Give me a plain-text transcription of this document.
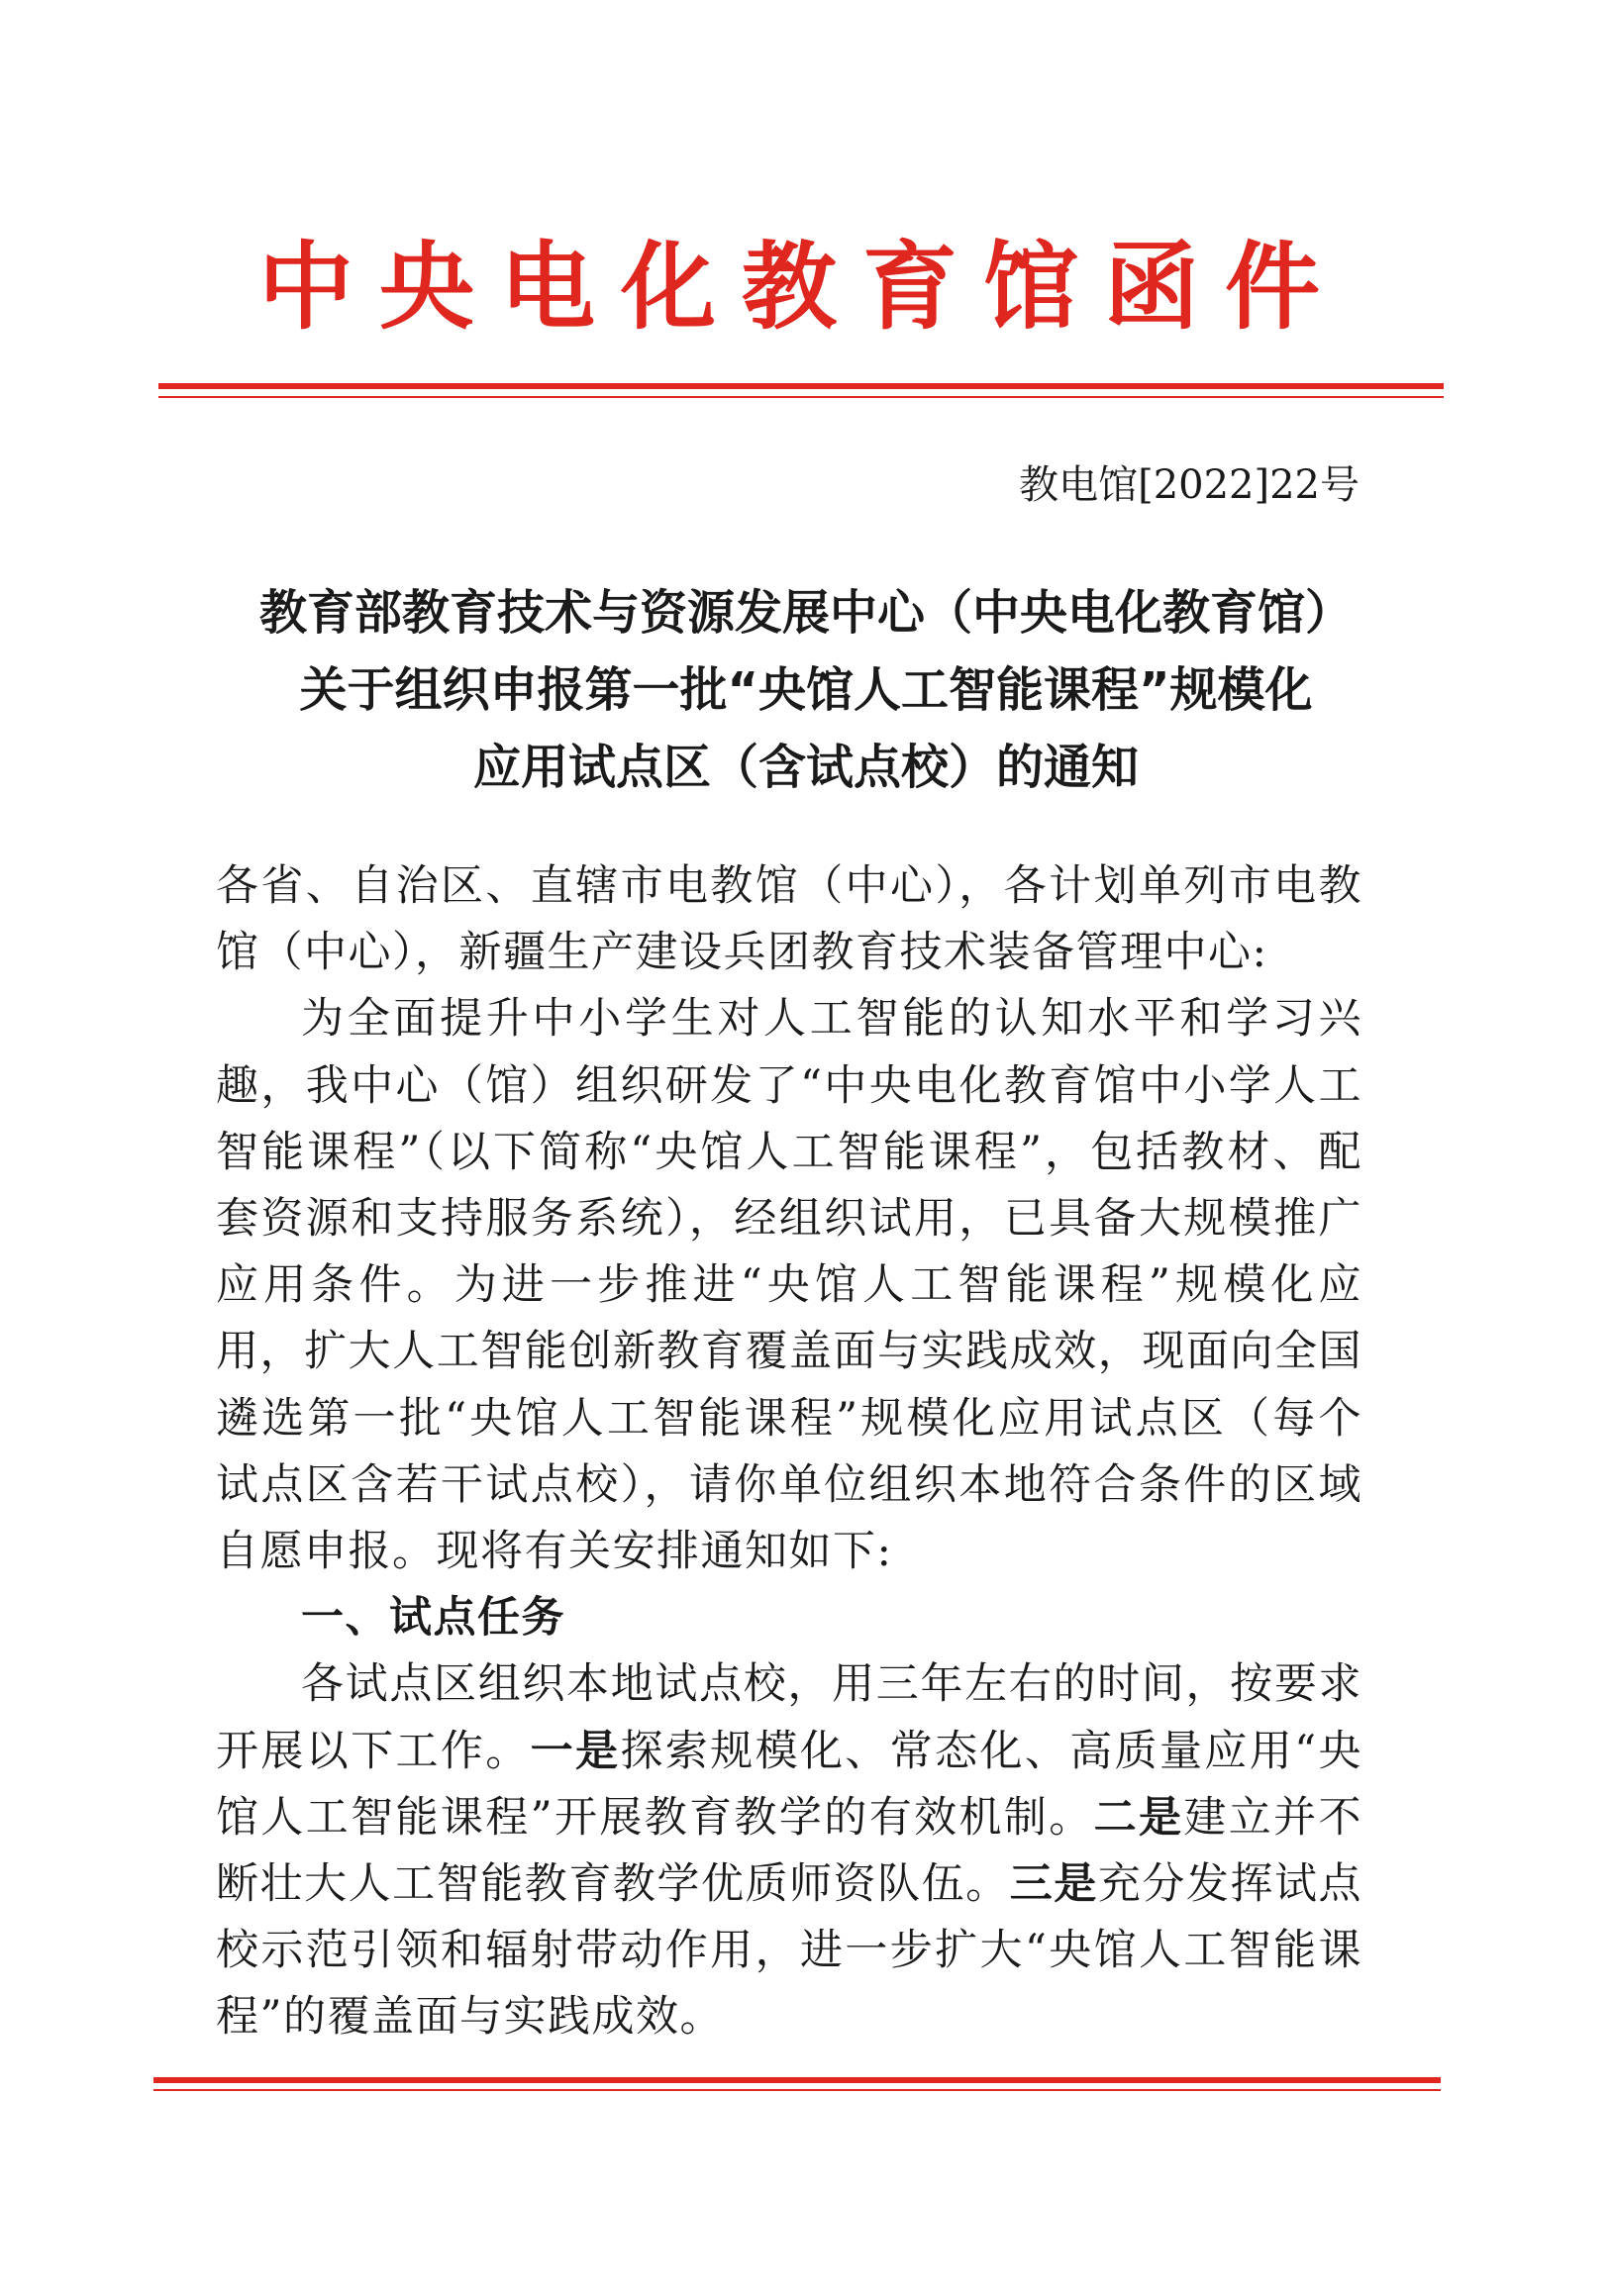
中央电化教育馆函件
教电馆[2022]22号
教育部教育技术与资源发展中心（中央电化教育馆）
关于组织申报第一批“央馆人工智能课程”规模化
应用试点区（含试点校）的通知

各省、自治区、直辖市电教馆（中心），各计划单列市电教馆（中心），新疆生产建设兵团教育技术装备管理中心:

为全面提升中小学生对人工智能的认知水平和学习兴趣，我中心（馆）组织研发了“中央电化教育馆中小学人工智能课程”（以下简称“央馆人工智能课程”，包括教材、配套资源和支持服务系统），经组织试用，已具备大规模推广应用条件。为进一步推进“央馆人工智能课程”规模化应用，扩大人工智能创新教育覆盖面与实践成效，现面向全国遴选第一批“央馆人工智能课程”规模化应用试点区（每个试点区含若干试点校），请你单位组织本地符合条件的区域自愿申报。现将有关安排通知如下:

一、试点任务

各试点区组织本地试点校，用三年左右的时间，按要求开展以下工作。一是探索规模化、常态化、高质量应用“央馆人工智能课程”开展教育教学的有效机制。二是建立并不断壮大人工智能教育教学优质师资队伍。三是充分发挥试点校示范引领和辐射带动作用，进一步扩大“央馆人工智能课程”的覆盖面与实践成效。
